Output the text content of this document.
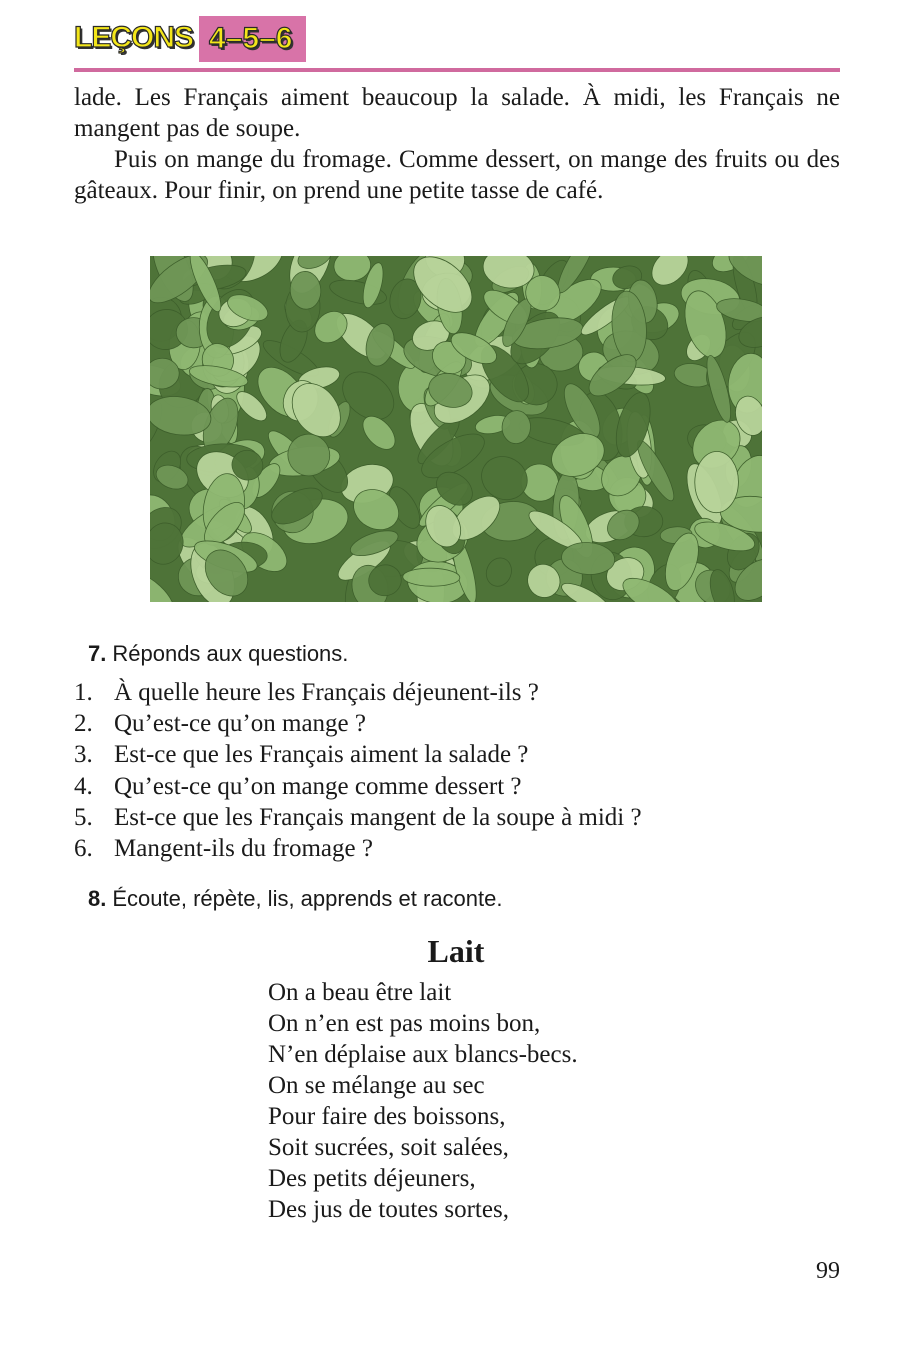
LEÇONS 4–5–6

lade. Les Français aiment beaucoup la salade. À midi, les Français ne mangent pas de soupe.

Puis on mange du fromage. Comme dessert, on mange des fruits ou des gâteaux. Pour finir, on prend une petite tasse de café.

7. Réponds aux questions.
1. À quelle heure les Français déjeunent-ils ?
2. Qu’est-ce qu’on mange ?
3. Est-ce que les Français aiment la salade ?
4. Qu’est-ce qu’on mange comme dessert ?
5. Est-ce que les Français mangent de la soupe à midi ?
6. Mangent-ils du fromage ?
8. Écoute, répète, lis, apprends et raconte.
Lait
On a beau être lait
On n’en est pas moins bon,
N’en déplaise aux blancs-becs.
On se mélange au sec
Pour faire des boissons,
Soit sucrées, soit salées,
Des petits déjeuners,
Des jus de toutes sortes,
99
